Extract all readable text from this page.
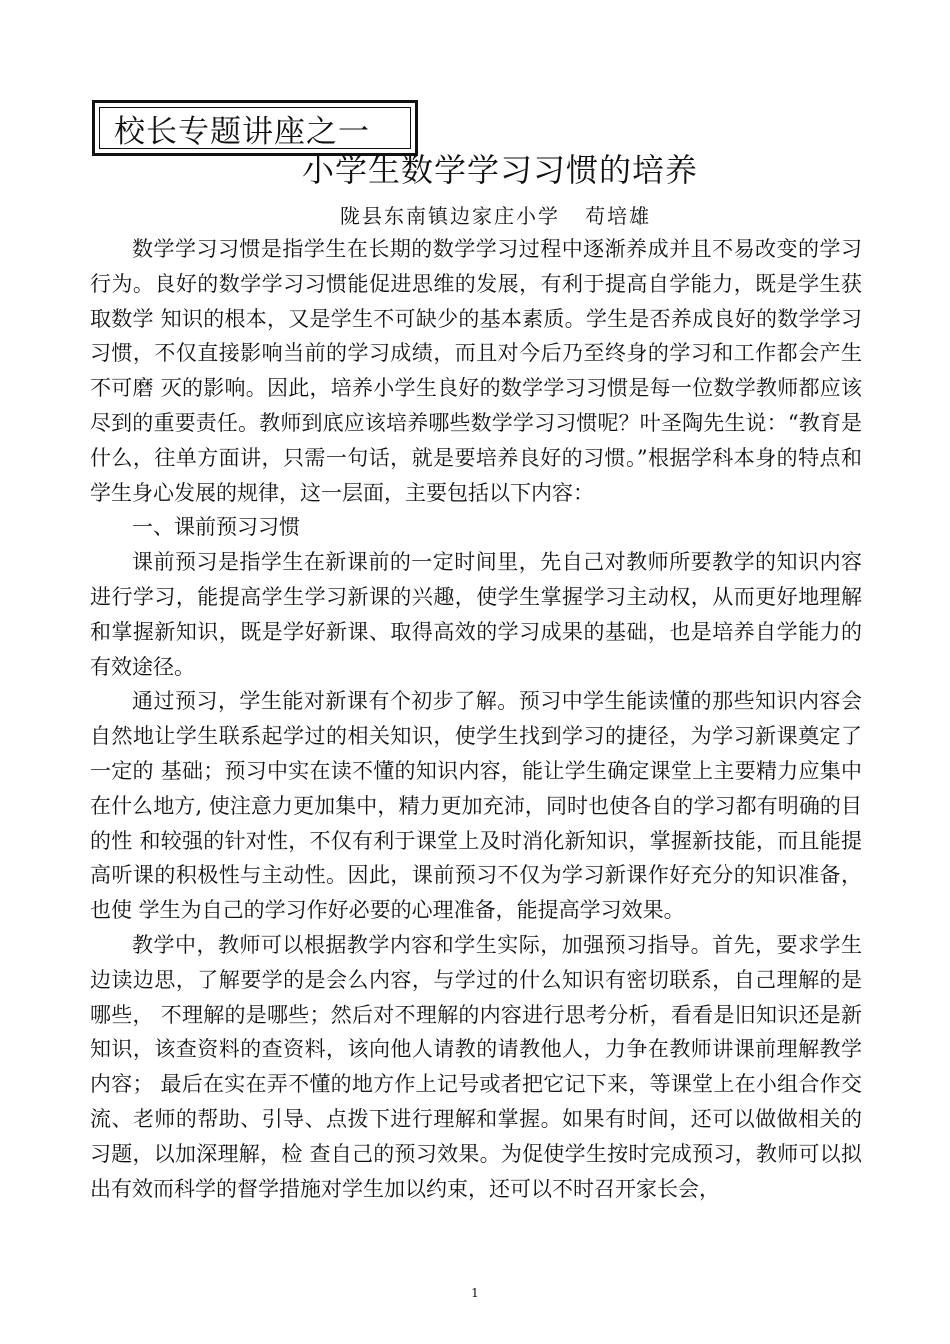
校长专题讲座之一
小学生数学学习习惯的培养
陇县东南镇边家庄小学   苟培雄

数学学习习惯是指学生在长期的数学学习过程中逐渐养成并且不易改变的学习行为。良好的数学学习习惯能促进思维的发展，有利于提高自学能力，既是学生获取数学 知识的根本，又是学生不可缺少的基本素质。学生是否养成良好的数学学习习惯，不仅直接影响当前的学习成绩，而且对今后乃至终身的学习和工作都会产生不可磨 灭的影响。因此，培养小学生良好的数学学习习惯是每一位数学教师都应该尽到的重要责任。教师到底应该培养哪些数学学习习惯呢？叶圣陶先生说：“教育是什么，往单方面讲，只需一句话，就是要培养良好的习惯。”根据学科本身的特点和学生身心发展的规律，这一层面，主要包括以下内容：

一、课前预习习惯

课前预习是指学生在新课前的一定时间里，先自己对教师所要教学的知识内容进行学习，能提高学生学习新课的兴趣，使学生掌握学习主动权，从而更好地理解和掌握新知识，既是学好新课、取得高效的学习成果的基础，也是培养自学能力的有效途径。

通过预习，学生能对新课有个初步了解。预习中学生能读懂的那些知识内容会自然地让学生联系起学过的相关知识，使学生找到学习的捷径，为学习新课奠定了一定的 基础；预习中实在读不懂的知识内容，能让学生确定课堂上主要精力应集中在什么地方, 使注意力更加集中，精力更加充沛，同时也使各自的学习都有明确的目的性 和较强的针对性，不仅有利于课堂上及时消化新知识，掌握新技能，而且能提高听课的积极性与主动性。因此，课前预习不仅为学习新课作好充分的知识准备，也使 学生为自己的学习作好必要的心理准备，能提高学习效果。

教学中，教师可以根据教学内容和学生实际，加强预习指导。首先，要求学生边读边思，了解要学的是会么内容，与学过的什么知识有密切联系，自己理解的是哪些， 不理解的是哪些；然后对不理解的内容进行思考分析，看看是旧知识还是新知识，该查资料的查资料，该向他人请教的请教他人，力争在教师讲课前理解教学内容； 最后在实在弄不懂的地方作上记号或者把它记下来，等课堂上在小组合作交流、老师的帮助、引导、点拨下进行理解和掌握。如果有时间，还可以做做相关的习题，以加深理解，检 查自己的预习效果。为促使学生按时完成预习，教师可以拟出有效而科学的督学措施对学生加以约束，还可以不时召开家长会，

1
